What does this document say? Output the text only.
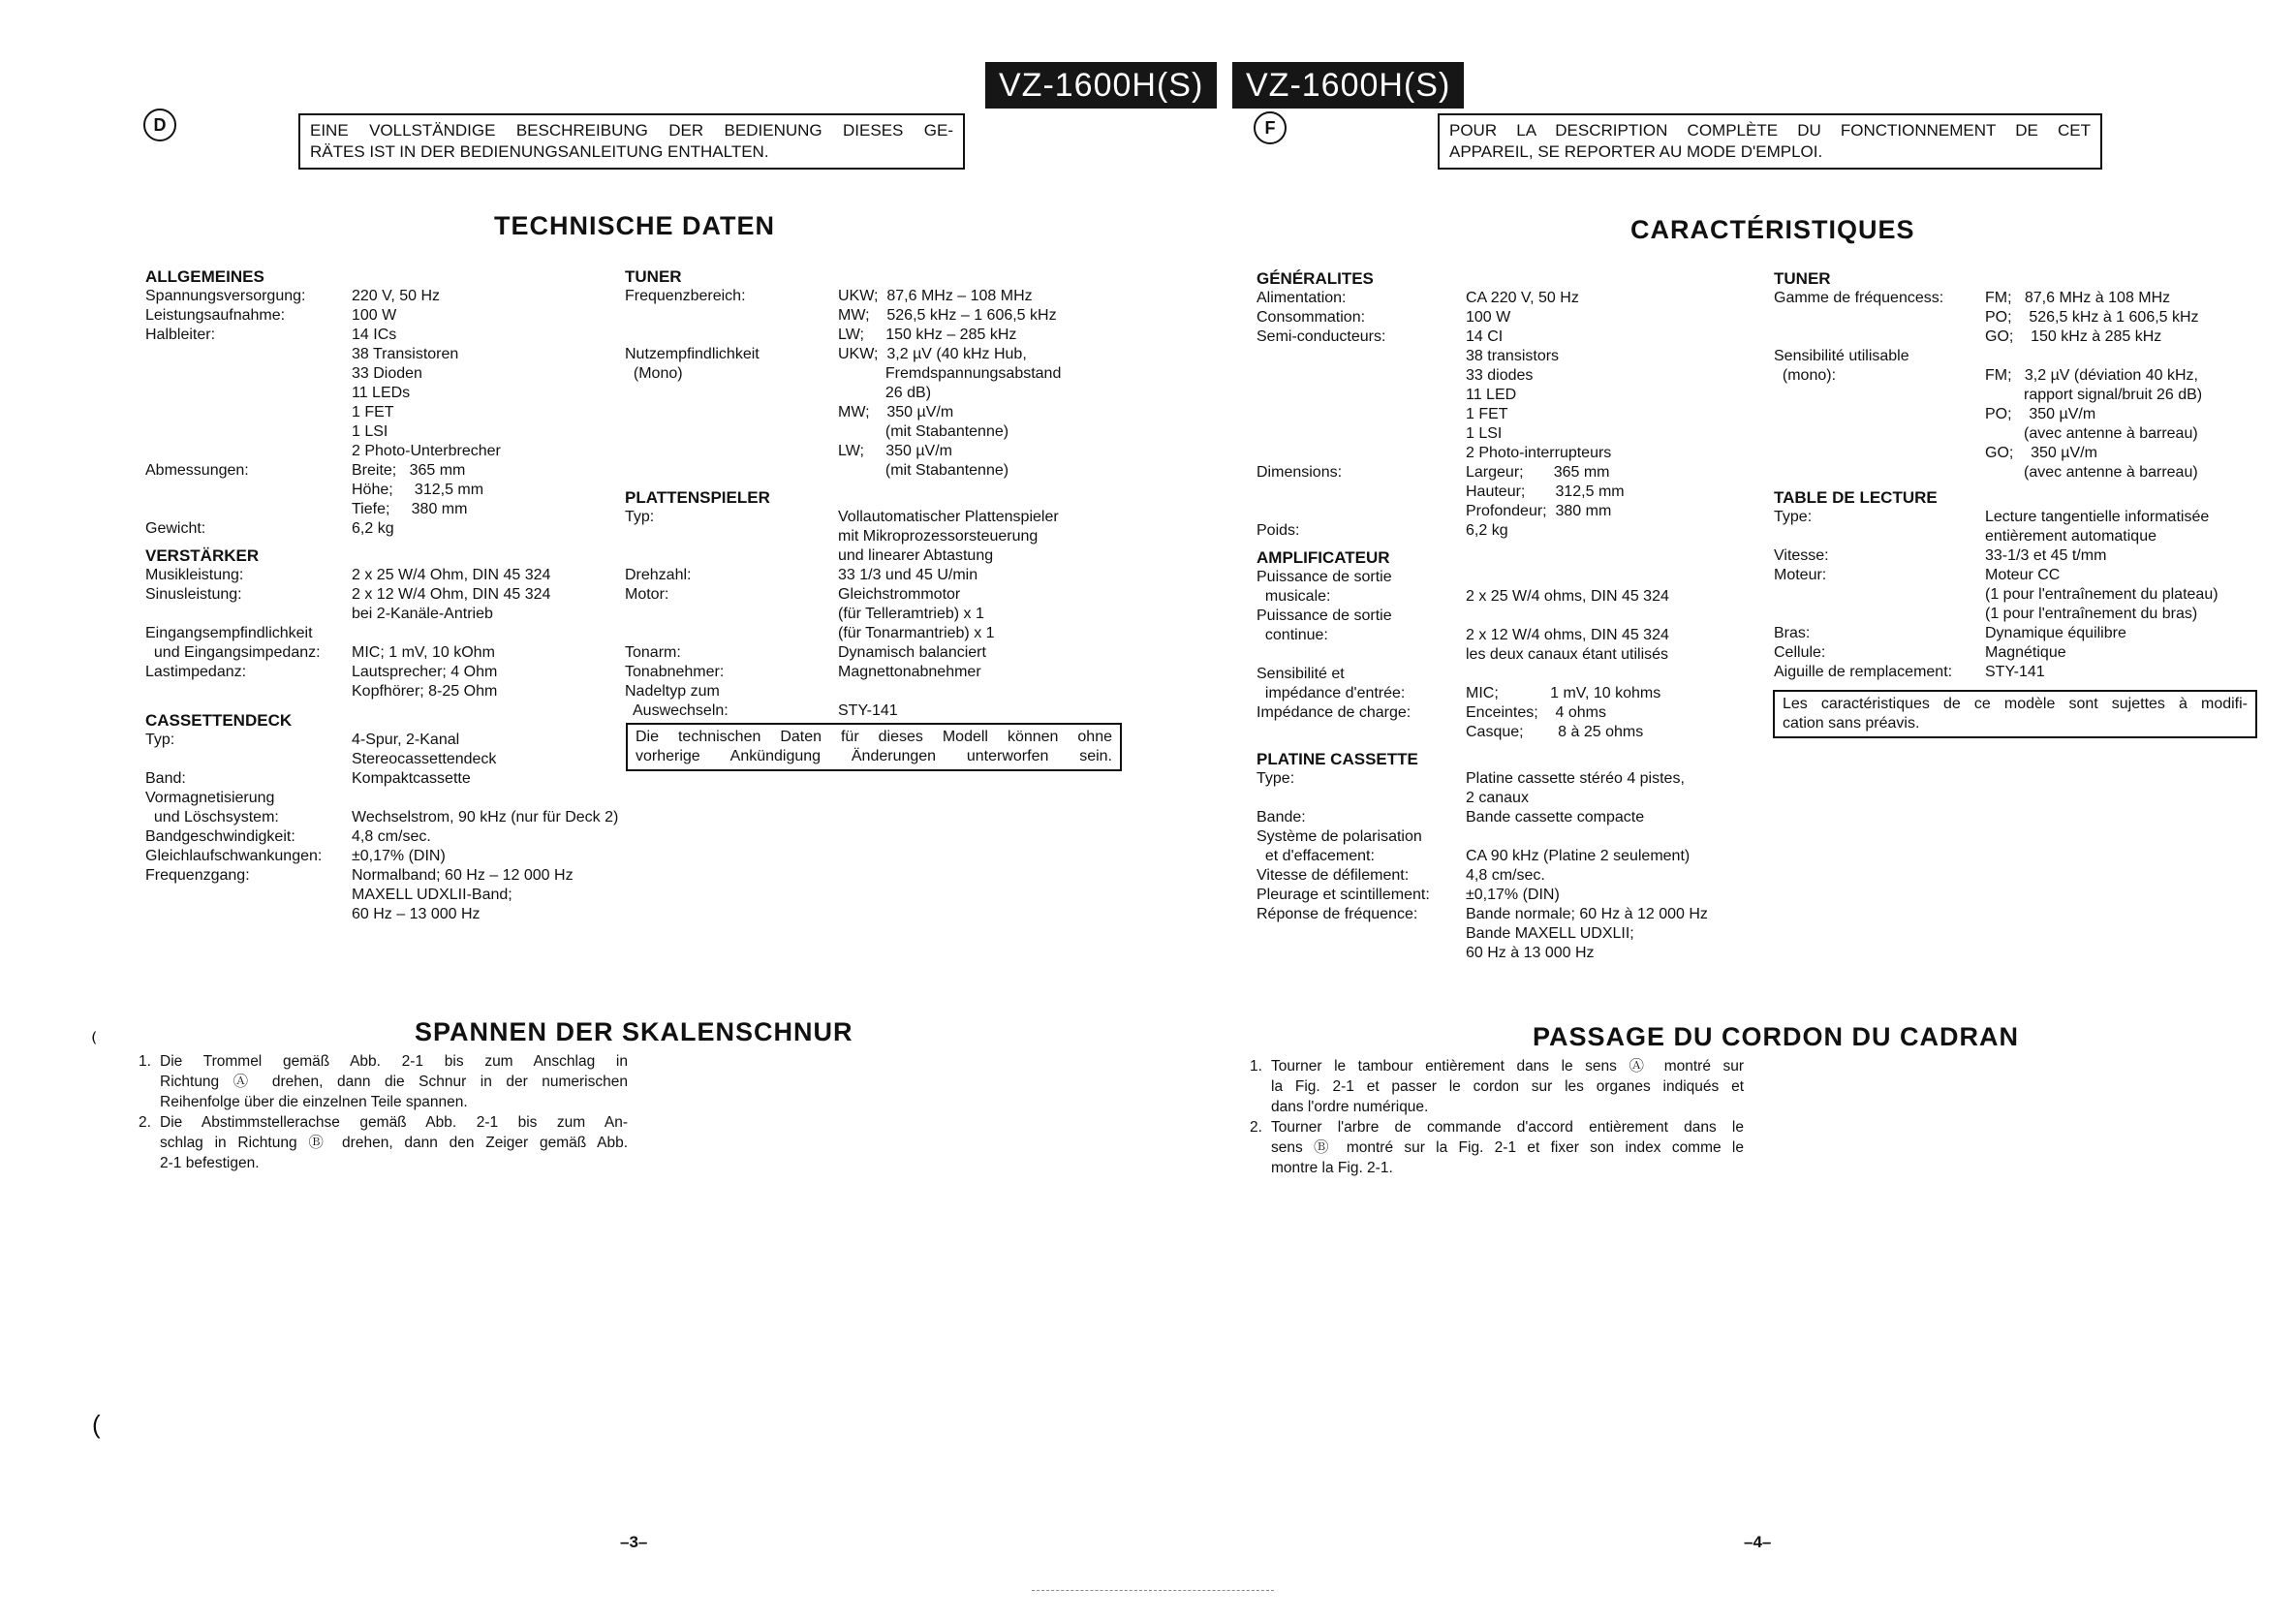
VZ-1600H(S)	VZ-1600H(S)
D	F
EINE VOLLSTÄNDIGE BESCHREIBUNG DER BEDIENUNG DIESES GE-
RÄTES IST IN DER BEDIENUNGSANLEITUNG ENTHALTEN.
POUR LA DESCRIPTION COMPLÈTE DU FONCTIONNEMENT DE CET
APPAREIL, SE REPORTER AU MODE D'EMPLOI.
TECHNISCHE DATEN	CARACTÉRISTIQUES
ALLGEMEINES
Spannungsversorgung:	220 V, 50 Hz
Leistungsaufnahme:	100 W
Halbleiter:	14 ICs
38 Transistoren
33 Dioden
11 LEDs
1 FET
1 LSI
2 Photo-Unterbrecher
Abmessungen:	Breite;   365 mm
Höhe;     312,5 mm
Tiefe;     380 mm
Gewicht:	6,2 kg
VERSTÄRKER
Musikleistung:	2 x 25 W/4 Ohm, DIN 45 324
Sinusleistung:	2 x 12 W/4 Ohm, DIN 45 324
bei 2-Kanäle-Antrieb
Eingangsempfindlichkeit
und Eingangsimpedanz:	MIC; 1 mV, 10 kOhm
Lastimpedanz:	Lautsprecher; 4 Ohm
Kopfhörer; 8-25 Ohm
CASSETTENDECK
Typ:	4-Spur, 2-Kanal
Stereocassettendeck
Band:	Kompaktcassette
Vormagnetisierung
und Löschsystem:	Wechselstrom, 90 kHz (nur für Deck 2)
Bandgeschwindigkeit:	4,8 cm/sec.
Gleichlaufschwankungen:	±0,17% (DIN)
Frequenzgang:	Normalband; 60 Hz – 12 000 Hz
MAXELL UDXLII-Band;
60 Hz – 13 000 Hz
TUNER
Frequenzbereich:	UKW;  87,6 MHz – 108 MHz
MW;    526,5 kHz – 1 606,5 kHz
LW;     150 kHz – 285 kHz
Nutzempfindlichkeit	UKW;  3,2 µV (40 kHz Hub,
(Mono)	Fremdspannungsabstand
26 dB)
MW;    350 µV/m
(mit Stabantenne)
LW;     350 µV/m
(mit Stabantenne)
PLATTENSPIELER
Typ:	Vollautomatischer Plattenspieler
mit Mikroprozessorsteuerung
und linearer Abtastung
Drehzahl:	33 1/3 und 45 U/min
Motor:	Gleichstrommotor
(für Telleramtrieb) x 1
(für Tonarmantrieb) x 1
Tonarm:	Dynamisch balanciert
Tonabnehmer:	Magnettonabnehmer
Nadeltyp zum
Auswechseln:	STY-141
Die technischen Daten für dieses Modell können ohne
vorherige Ankündigung Änderungen unterworfen sein.
GÉNÉRALITES
Alimentation:	CA 220 V, 50 Hz
Consommation:	100 W
Semi-conducteurs:	14 CI
38 transistors
33 diodes
11 LED
1 FET
1 LSI
2 Photo-interrupteurs
Dimensions:	Largeur;       365 mm
Hauteur;       312,5 mm
Profondeur;  380 mm
Poids:	6,2 kg
AMPLIFICATEUR
Puissance de sortie
musicale:	2 x 25 W/4 ohms, DIN 45 324
Puissance de sortie
continue:	2 x 12 W/4 ohms, DIN 45 324
les deux canaux étant utilisés
Sensibilité et
impédance d'entrée:	MIC;            1 mV, 10 kohms
Impédance de charge:	Enceintes;    4 ohms
Casque;        8 à 25 ohms
PLATINE CASSETTE
Type:	Platine cassette stéréo 4 pistes,
2 canaux
Bande:	Bande cassette compacte
Système de polarisation
et d'effacement:	CA 90 kHz (Platine 2 seulement)
Vitesse de défilement:	4,8 cm/sec.
Pleurage et scintillement:	±0,17% (DIN)
Réponse de fréquence:	Bande normale; 60 Hz à 12 000 Hz
Bande MAXELL UDXLII;
60 Hz à 13 000 Hz
TUNER
Gamme de fréquencess:	FM;   87,6 MHz à 108 MHz
PO;    526,5 kHz à 1 606,5 kHz
GO;    150 kHz à 285 kHz
Sensibilité utilisable
(mono):	FM;   3,2 µV (déviation 40 kHz,
rapport signal/bruit 26 dB)
PO;    350 µV/m
(avec antenne à barreau)
GO;    350 µV/m
(avec antenne à barreau)
TABLE DE LECTURE
Type:	Lecture tangentielle informatisée
entièrement automatique
Vitesse:	33-1/3 et 45 t/mm
Moteur:	Moteur CC
(1 pour l'entraînement du plateau)
(1 pour l'entraînement du bras)
Bras:	Dynamique équilibre
Cellule:	Magnétique
Aiguille de remplacement:	STY-141
Les caractéristiques de ce modèle sont sujettes à modifi-
cation sans préavis.
SPANNEN DER SKALENSCHNUR	PASSAGE DU CORDON DU CADRAN
1. Die Trommel gemäß Abb. 2-1 bis zum Anschlag in
Richtung Ⓐ drehen, dann die Schnur in der numerischen
Reihenfolge über die einzelnen Teile spannen.
2. Die Abstimmstellerachse gemäß Abb. 2-1 bis zum An-
schlag in Richtung Ⓑ drehen, dann den Zeiger gemäß Abb.
2-1 befestigen.
1. Tourner le tambour entièrement dans le sens Ⓐ montré sur
la Fig. 2-1 et passer le cordon sur les organes indiqués et
dans l'ordre numérique.
2. Tourner l'arbre de commande d'accord entièrement dans le
sens Ⓑ montré sur la Fig. 2-1 et fixer son index comme le
montre la Fig. 2-1.
⁽
(
–3–	–4–
